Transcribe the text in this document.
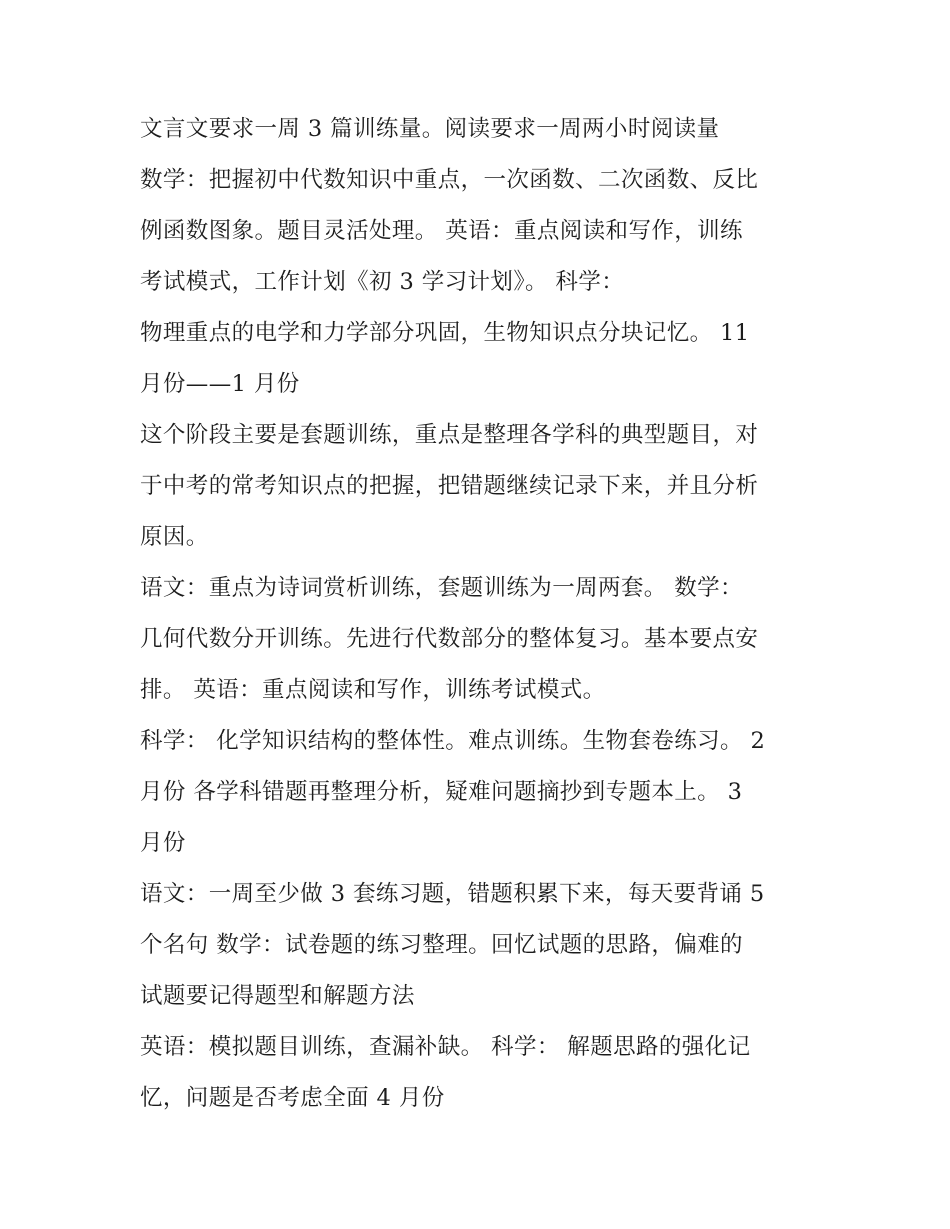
文言文要求一周 3 篇训练量。阅读要求一周两小时阅读量
数学：把握初中代数知识中重点，一次函数、二次函数、反比
例函数图象。题目灵活处理。 英语：重点阅读和写作，训练
考试模式，工作计划《初 3 学习计划》。 科学：
物理重点的电学和力学部分巩固，生物知识点分块记忆。 11
月份——1 月份
这个阶段主要是套题训练，重点是整理各学科的典型题目，对
于中考的常考知识点的把握，把错题继续记录下来，并且分析
原因。
语文：重点为诗词赏析训练，套题训练为一周两套。 数学：
几何代数分开训练。先进行代数部分的整体复习。基本要点安
排。 英语：重点阅读和写作，训练考试模式。
科学： 化学知识结构的整体性。难点训练。生物套卷练习。 2
月份 各学科错题再整理分析，疑难问题摘抄到专题本上。 3
月份
语文：一周至少做 3 套练习题，错题积累下来，每天要背诵 5
个名句 数学：试卷题的练习整理。回忆试题的思路，偏难的
试题要记得题型和解题方法
英语：模拟题目训练，查漏补缺。 科学： 解题思路的强化记
忆，问题是否考虑全面 4 月份
